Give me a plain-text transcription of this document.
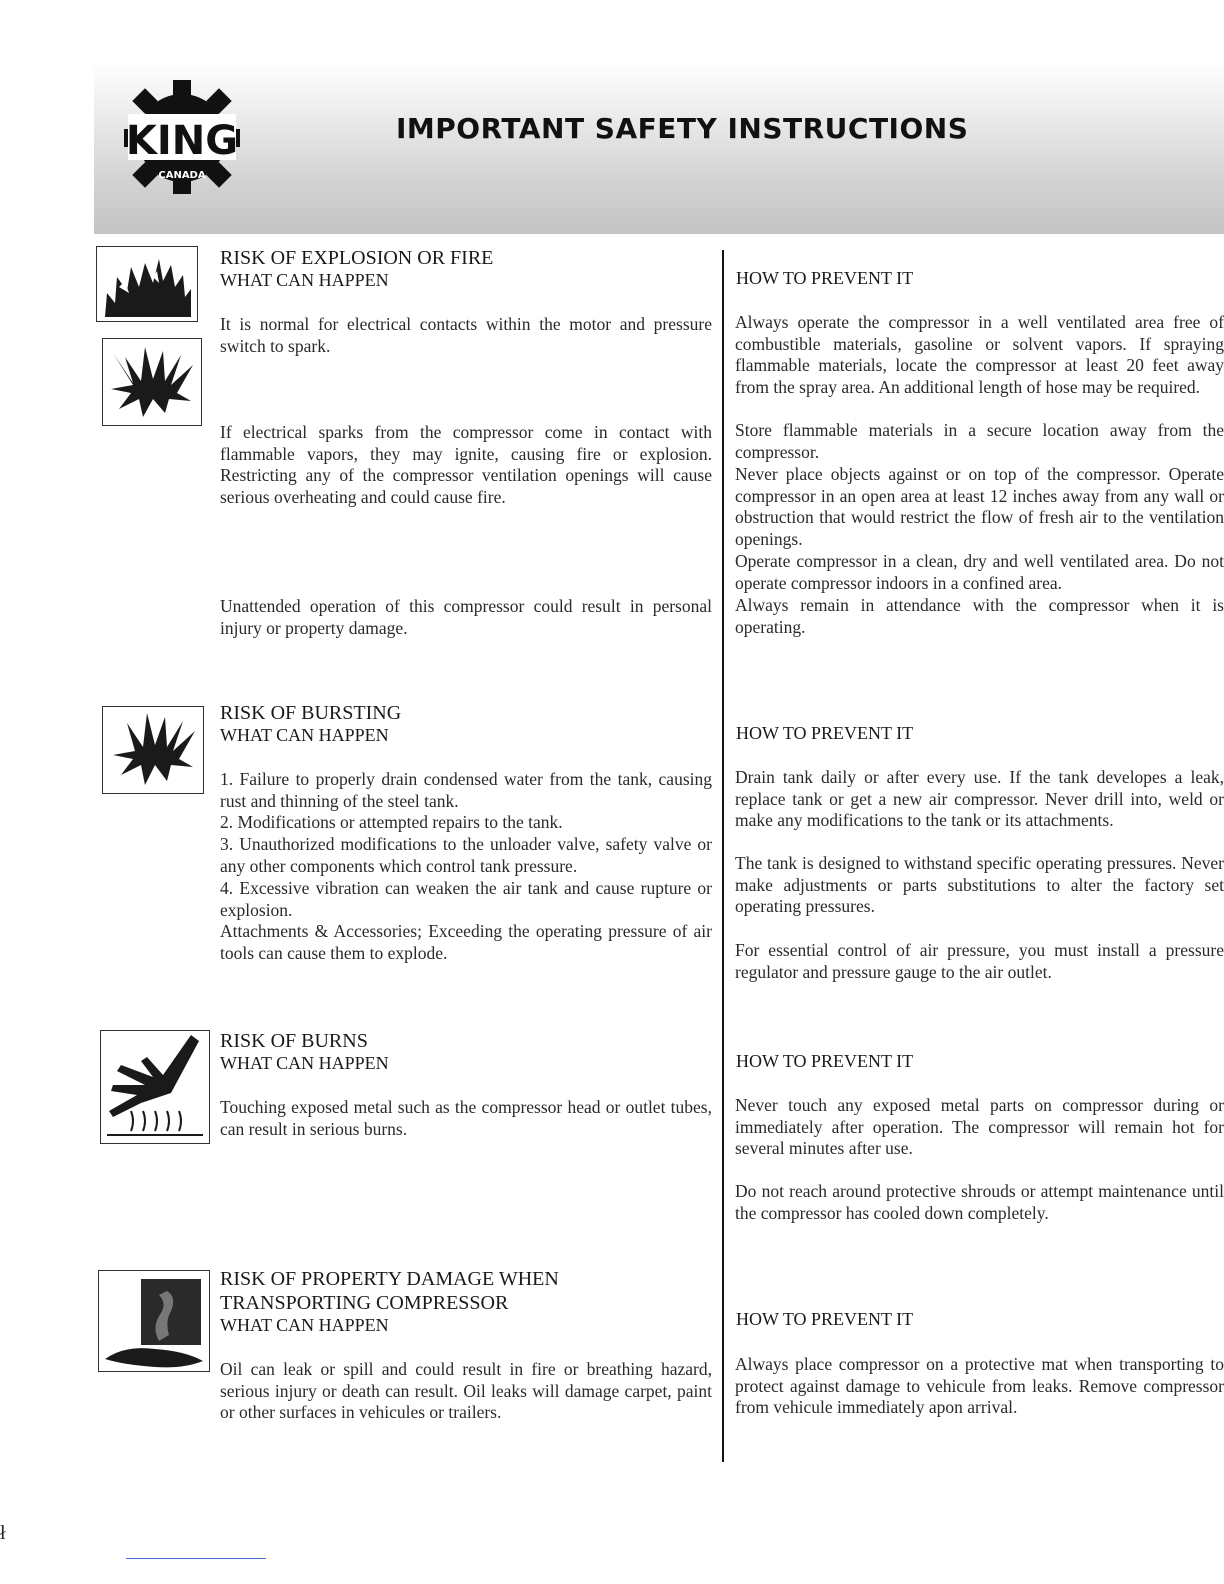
KING
CANADA
IMPORTANT SAFETY INSTRUCTIONS
RISK OF EXPLOSION OR FIRE
WHAT CAN HAPPEN	HOW TO PREVENT IT

It is normal for electrical contacts within the motor and pressure switch to spark.

If electrical sparks from the compressor come in contact with flammable vapors, they may ignite, causing fire or explosion. Restricting any of the compressor ventilation openings will cause serious overheating and could cause fire.

Unattended operation of this compressor could result in personal injury or property damage.

Always operate the compressor in a well ventilated area free of combustible materials, gasoline or solvent vapors. If spraying flammable materials, locate the compressor at least 20 feet away from the spray area. An additional length of hose may be required.

Store flammable materials in a secure location away from the compressor.

Never place objects against or on top of the compressor. Operate compressor in an open area at least 12 inches away from any wall or obstruction that would restrict the flow of fresh air to the ventilation openings.

Operate compressor in a clean, dry and well ventilated area. Do not operate compressor indoors in a confined area.

Always remain in attendance with the compressor when it is operating.

RISK OF BURSTING
WHAT CAN HAPPEN	HOW TO PREVENT IT

1. Failure to properly drain condensed water from the tank, causing rust and thinning of the steel tank.

2. Modifications or attempted repairs to the tank.

3. Unauthorized modifications to the unloader valve, safety valve or any other components which control tank pressure.

4. Excessive vibration can weaken the air tank and cause rupture or explosion.

Attachments & Accessories; Exceeding the operating pressure of air tools can cause them to explode.

Drain tank daily or after every use. If the tank developes a leak, replace tank or get a new air compressor. Never drill into, weld or make any modifications to the tank or its attachments.

The tank is designed to withstand specific operating pressures. Never make adjustments or parts substitutions to alter the factory set operating pressures.

For essential control of air pressure, you must install a pressure regulator and pressure gauge to the air outlet.

RISK OF BURNS
WHAT CAN HAPPEN	HOW TO PREVENT IT

Touching exposed metal such as the compressor head or outlet tubes, can result in serious burns.

Never touch any exposed metal parts on compressor during or immediately after operation. The compressor will remain hot for several minutes after use.

Do not reach around protective shrouds or attempt maintenance until the compressor has cooled down completely.

RISK OF PROPERTY DAMAGE WHEN TRANSPORTING COMPRESSOR
WHAT CAN HAPPEN	HOW TO PREVENT IT

Oil can leak or spill and could result in fire or breathing hazard, serious injury or death can result. Oil leaks will damage carpet, paint or other surfaces in vehicules or trailers.

Always place compressor on a protective mat when transporting to protect against damage to vehicule from leaks. Remove compressor from vehicule immediately apon arrival.

ł
